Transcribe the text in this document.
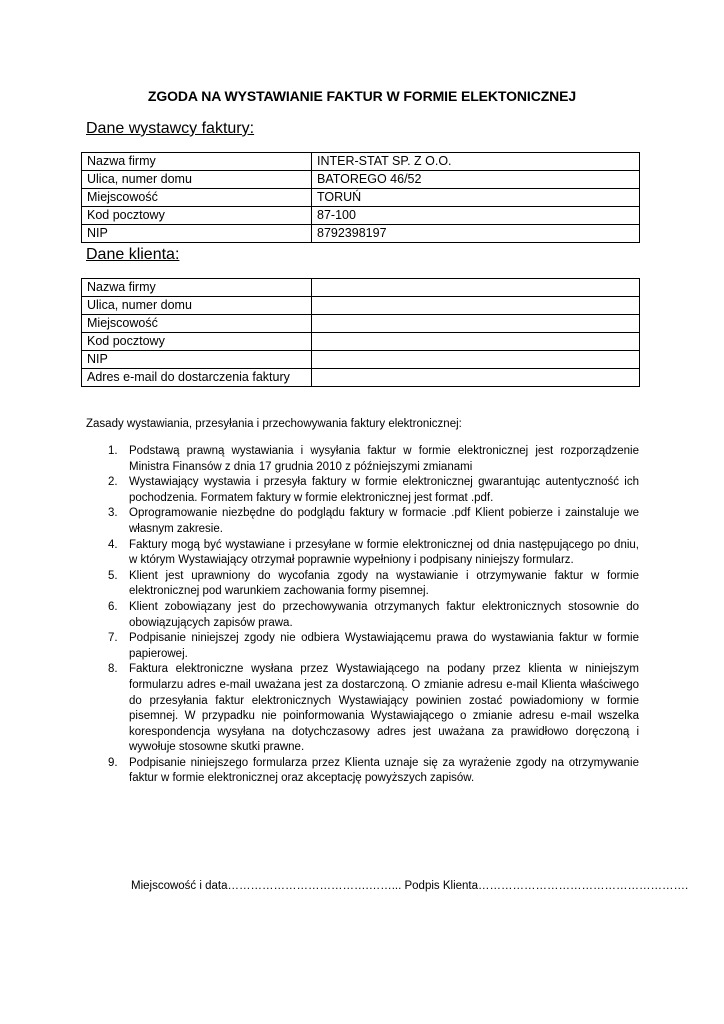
ZGODA NA WYSTAWIANIE FAKTUR W FORMIE ELEKTONICZNEJ
Dane wystawcy faktury:
Nazwa firmy	INTER-STAT SP. Z O.O.
Ulica, numer domu	BATOREGO 46/52
Miejscowość	TORUŃ
Kod pocztowy	87-100
NIP	8792398197
Dane klienta:
Nazwa firmy	
Ulica, numer domu	
Miejscowość	
Kod pocztowy	
NIP	
Adres e-mail do dostarczenia faktury	
Zasady wystawiania, przesyłania i przechowywania faktury elektronicznej:
1. Podstawą prawną wystawiania i wysyłania faktur w formie elektronicznej jest rozporządzenie Ministra Finansów z dnia 17 grudnia 2010 z późniejszymi zmianami
2. Wystawiający wystawia i przesyła faktury w formie elektronicznej gwarantując autentyczność ich pochodzenia. Formatem faktury w formie elektronicznej jest format .pdf.
3. Oprogramowanie niezbędne do podglądu faktury w formacie .pdf Klient pobierze i zainstaluje we własnym zakresie.
4. Faktury mogą być wystawiane i przesyłane w formie elektronicznej od dnia następującego po dniu, w którym Wystawiający otrzymał poprawnie wypełniony i podpisany niniejszy formularz.
5. Klient jest uprawniony do wycofania zgody na wystawianie i otrzymywanie faktur w formie elektronicznej pod warunkiem zachowania formy pisemnej.
6. Klient zobowiązany jest do przechowywania otrzymanych faktur elektronicznych stosownie do obowiązujących zapisów prawa.
7. Podpisanie niniejszej zgody nie odbiera Wystawiającemu prawa do wystawiania faktur w formie papierowej.
8. Faktura elektroniczne wysłana przez Wystawiającego na podany przez klienta w niniejszym formularzu adres e-mail uważana jest za dostarczoną. O zmianie adresu e-mail Klienta właściwego do przesyłania faktur elektronicznych Wystawiający powinien zostać powiadomiony w formie pisemnej. W przypadku nie poinformowania Wystawiającego o zmianie adresu e-mail wszelka korespondencja wysyłana na dotychczasowy adres jest uważana za prawidłowo doręczoną i wywołuje stosowne skutki prawne.
9. Podpisanie niniejszego formularza przez Klienta uznaje się za wyrażenie zgody na otrzymywanie faktur w formie elektronicznej oraz akceptację powyższych zapisów.
Miejscowość i data……………………………….……... Podpis Klienta……………………………………………….
